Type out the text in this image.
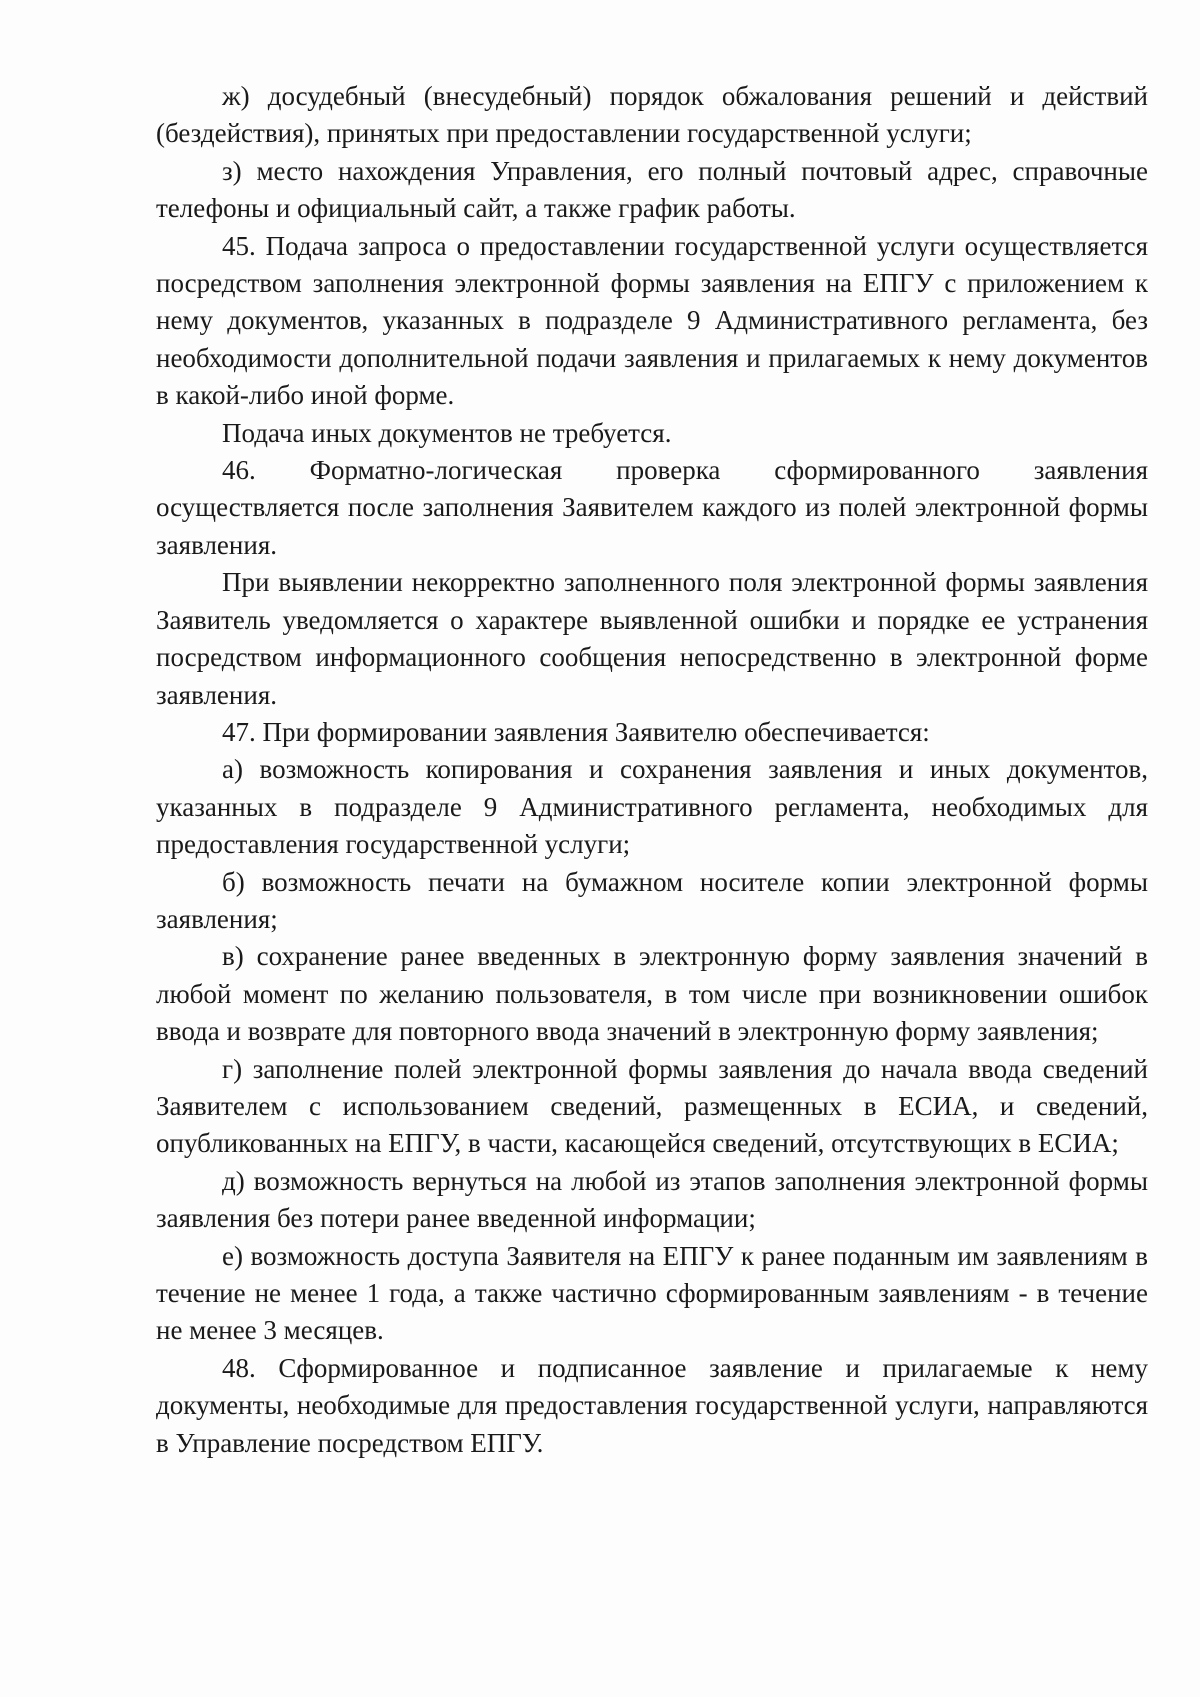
ж) досудебный (внесудебный) порядок обжалования решений и действий (бездействия), принятых при предоставлении государственной услуги;

з) место нахождения Управления, его полный почтовый адрес, справочные телефоны и официальный сайт, а также график работы.

45. Подача запроса о предоставлении государственной услуги осуществляется посредством заполнения электронной формы заявления на ЕПГУ с приложением к нему документов, указанных в подразделе 9 Административного регламента, без необходимости дополнительной подачи заявления и прилагаемых к нему документов в какой-либо иной форме.

Подача иных документов не требуется.

46. Форматно-логическая проверка сформированного заявления осуществляется после заполнения Заявителем каждого из полей электронной формы заявления.

При выявлении некорректно заполненного поля электронной формы заявления Заявитель уведомляется о характере выявленной ошибки и порядке ее устранения посредством информационного сообщения непосредственно в электронной форме заявления.

47. При формировании заявления Заявителю обеспечивается:

а) возможность копирования и сохранения заявления и иных документов, указанных в подразделе 9 Административного регламента, необходимых для предоставления государственной услуги;

б) возможность печати на бумажном носителе копии электронной формы заявления;

в) сохранение ранее введенных в электронную форму заявления значений в любой момент по желанию пользователя, в том числе при возникновении ошибок ввода и возврате для повторного ввода значений в электронную форму заявления;

г) заполнение полей электронной формы заявления до начала ввода сведений Заявителем с использованием сведений, размещенных в ЕСИА, и сведений, опубликованных на ЕПГУ, в части, касающейся сведений, отсутствующих в ЕСИА;

д) возможность вернуться на любой из этапов заполнения электронной формы заявления без потери ранее введенной информации;

е) возможность доступа Заявителя на ЕПГУ к ранее поданным им заявлениям в течение не менее 1 года, а также частично сформированным заявлениям - в течение не менее 3 месяцев.

48. Сформированное и подписанное заявление и прилагаемые к нему документы, необходимые для предоставления государственной услуги, направляются в Управление посредством ЕПГУ.
